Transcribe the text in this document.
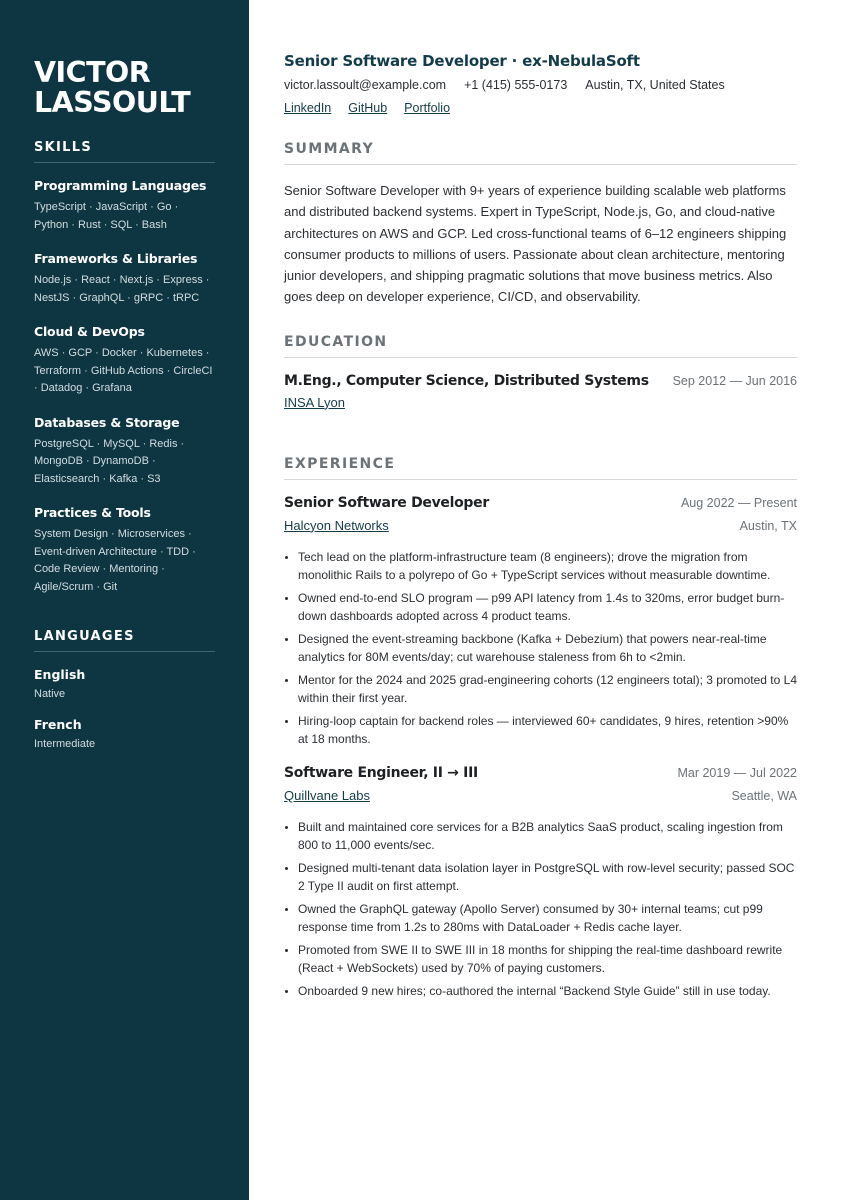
VICTOR
LASSOULT
SKILLS
Programming Languages
TypeScript · JavaScript · Go · Python · Rust · SQL · Bash
Frameworks & Libraries
Node.js · React · Next.js · Express · NestJS · GraphQL · gRPC · tRPC
Cloud & DevOps
AWS · GCP · Docker · Kubernetes · Terraform · GitHub Actions · CircleCI · Datadog · Grafana
Databases & Storage
PostgreSQL · MySQL · Redis · MongoDB · DynamoDB · Elasticsearch · Kafka · S3
Practices & Tools
System Design · Microservices · Event-driven Architecture · TDD · Code Review · Mentoring · Agile/Scrum · Git
LANGUAGES
English
Native
French
Intermediate
Senior Software Developer · ex-NebulaSoft
victor.lassoult@example.com +1 (415) 555-0173 Austin, TX, United States
LinkedIn GitHub Portfolio
SUMMARY

Senior Software Developer with 9+ years of experience building scalable web platforms and distributed backend systems. Expert in TypeScript, Node.js, Go, and cloud-native architectures on AWS and GCP. Led cross-functional teams of 6–12 engineers shipping consumer products to millions of users. Passionate about clean architecture, mentoring junior developers, and shipping pragmatic solutions that move business metrics. Also goes deep on developer experience, CI/CD, and observability.

EDUCATION
M.Eng., Computer Science, Distributed Systems Sep 2012 — Jun 2016
INSA Lyon
EXPERIENCE
Senior Software Developer	Aug 2022 — Present
Halcyon Networks	Austin, TX
Tech lead on the platform-infrastructure team (8 engineers); drove the migration from monolithic Rails to a polyrepo of Go + TypeScript services without measurable downtime.
Owned end-to-end SLO program — p99 API latency from 1.4s to 320ms, error budget burn-down dashboards adopted across 4 product teams.
Designed the event-streaming backbone (Kafka + Debezium) that powers near-real-time analytics for 80M events/day; cut warehouse staleness from 6h to <2min.
Mentor for the 2024 and 2025 grad-engineering cohorts (12 engineers total); 3 promoted to L4 within their first year.
Hiring-loop captain for backend roles — interviewed 60+ candidates, 9 hires, retention >90% at 18 months.
Software Engineer, II → III	Mar 2019 — Jul 2022
Quillvane Labs	Seattle, WA
Built and maintained core services for a B2B analytics SaaS product, scaling ingestion from 800 to 11,000 events/sec.
Designed multi-tenant data isolation layer in PostgreSQL with row-level security; passed SOC 2 Type II audit on first attempt.
Owned the GraphQL gateway (Apollo Server) consumed by 30+ internal teams; cut p99 response time from 1.2s to 280ms with DataLoader + Redis cache layer.
Promoted from SWE II to SWE III in 18 months for shipping the real-time dashboard rewrite (React + WebSockets) used by 70% of paying customers.
Onboarded 9 new hires; co-authored the internal “Backend Style Guide” still in use today.
